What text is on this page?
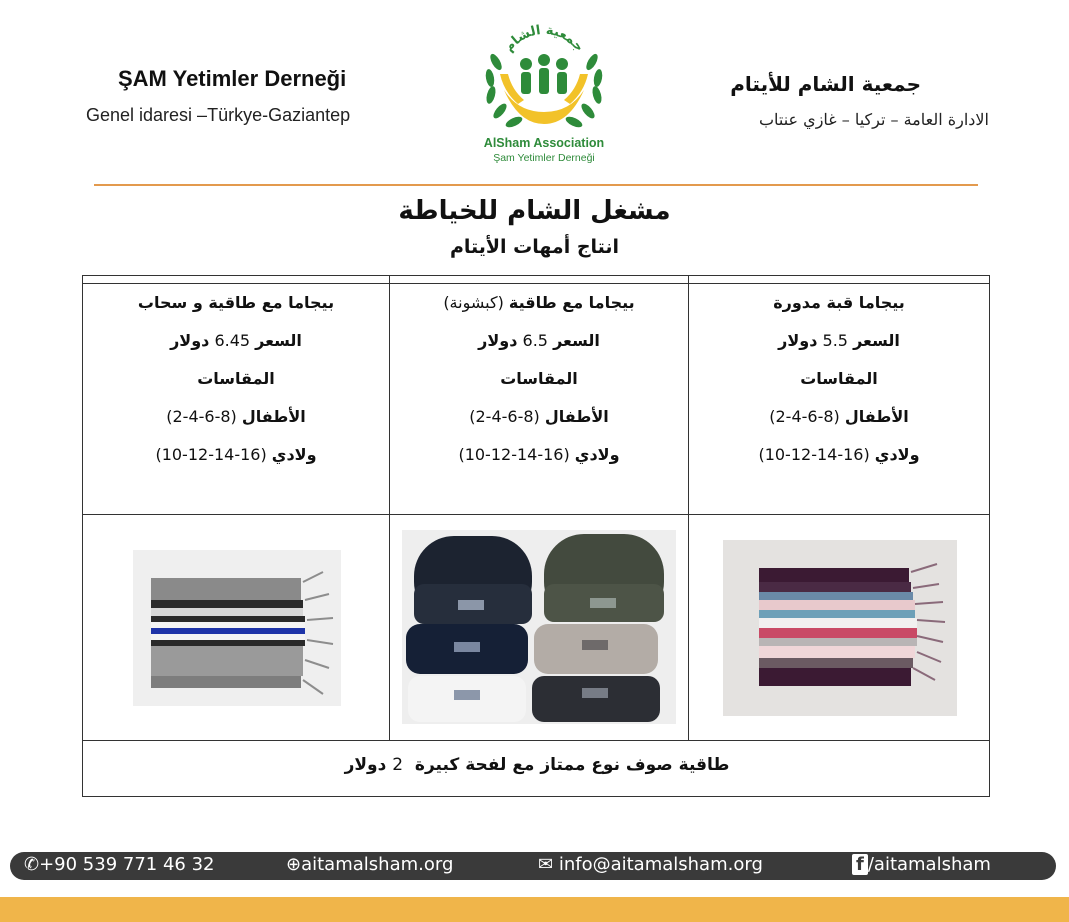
ŞAM Yetimler Derneği
Genel idaresi –Türkye-Gaziantep
جمعية الشام للأيتام
الادارة العامة – تركيا – غازي عنتاب
جمعية الشام
AlSham Association
Şam Yetimler Derneği
مشغل الشام للخياطة
انتاج أمهات الأيتام
بيجاما قبة مدورة
السعر 5.5 دولار
المقاسات
الأطفال (2-4-6-8)
ولادي (10-12-14-16)
بيجاما مع طاقية (كبشونة)
السعر 6.5 دولار
المقاسات
الأطفال (2-4-6-8)
ولادي (10-12-14-16)
بيجاما مع طاقية و سحاب
السعر 6.45 دولار
المقاسات
الأطفال (2-4-6-8)
ولادي (10-12-14-16)
طاقية صوف نوع ممتاز مع لفحة كبيرة  2 دولار
✆+90 539 771 46 32	⊕aitamalsham.org	✉ info@aitamalsham.org	f /aitamalsham
